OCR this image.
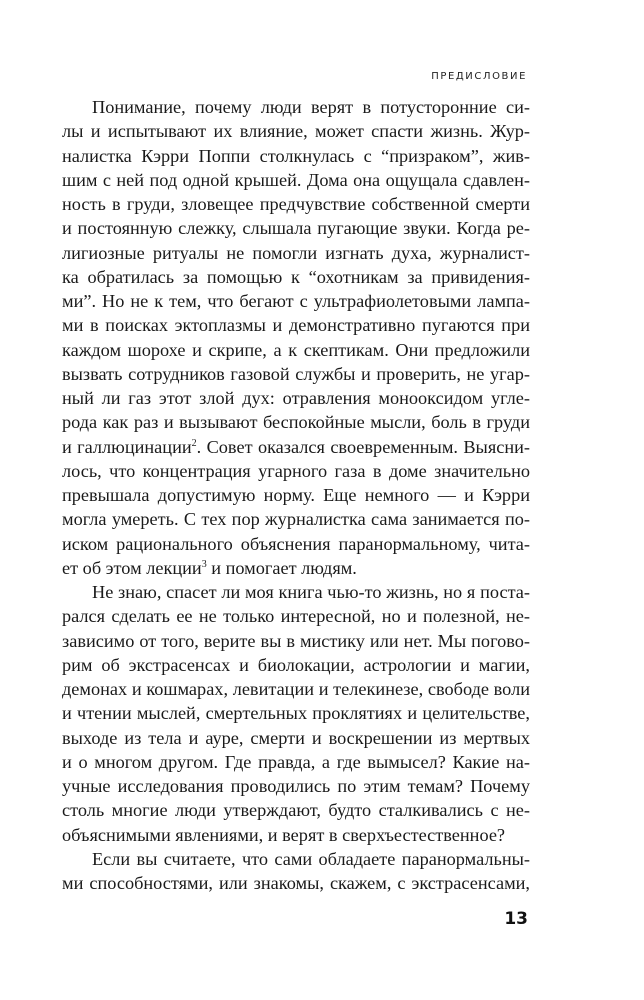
ПРЕДИСЛОВИЕ
Понимание, почему люди верят в потусторонние си-
лы и испытывают их влияние, может спасти жизнь. Жур-
налистка Кэрри Поппи столкнулась с “призраком”, жив-
шим с ней под одной крышей. Дома она ощущала сдавлен-
ность в груди, зловещее предчувствие собственной смерти
и постоянную слежку, слышала пугающие звуки. Когда ре-
лигиозные ритуалы не помогли изгнать духа, журналист-
ка обратилась за помощью к “охотникам за привидения-
ми”. Но не к тем, что бегают с ультрафиолетовыми лампа-
ми в поисках эктоплазмы и демонстративно пугаются при
каждом шорохе и скрипе, а к скептикам. Они предложили
вызвать сотрудников газовой службы и проверить, не угар-
ный ли газ этот злой дух: отравления монооксидом угле-
рода как раз и вызывают беспокойные мысли, боль в груди
и галлюцинации$^2$. Совет оказался своевременным. Выясни-
лось, что концентрация угарного газа в доме значительно
превышала допустимую норму. Еще немного — и Кэрри
могла умереть. С тех пор журналистка сама занимается по-
иском рационального объяснения паранормальному, чита-
ет об этом лекции$^3$ и помогает людям.
Не знаю, спасет ли моя книга чью-то жизнь, но я поста-
рался сделать ее не только интересной, но и полезной, не-
зависимо от того, верите вы в мистику или нет. Мы погово-
рим об экстрасенсах и биолокации, астрологии и магии,
демонах и кошмарах, левитации и телекинезе, свободе воли
и чтении мыслей, смертельных проклятиях и целительстве,
выходе из тела и ауре, смерти и воскрешении из мертвых
и о многом другом. Где правда, а где вымысел? Какие на-
учные исследования проводились по этим темам? Почему
столь многие люди утверждают, будто сталкивались с не-
объяснимыми явлениями, и верят в сверхъестественное?
Если вы считаете, что сами обладаете паранормальны-
ми способностями, или знакомы, скажем, с экстрасенсами,
13
